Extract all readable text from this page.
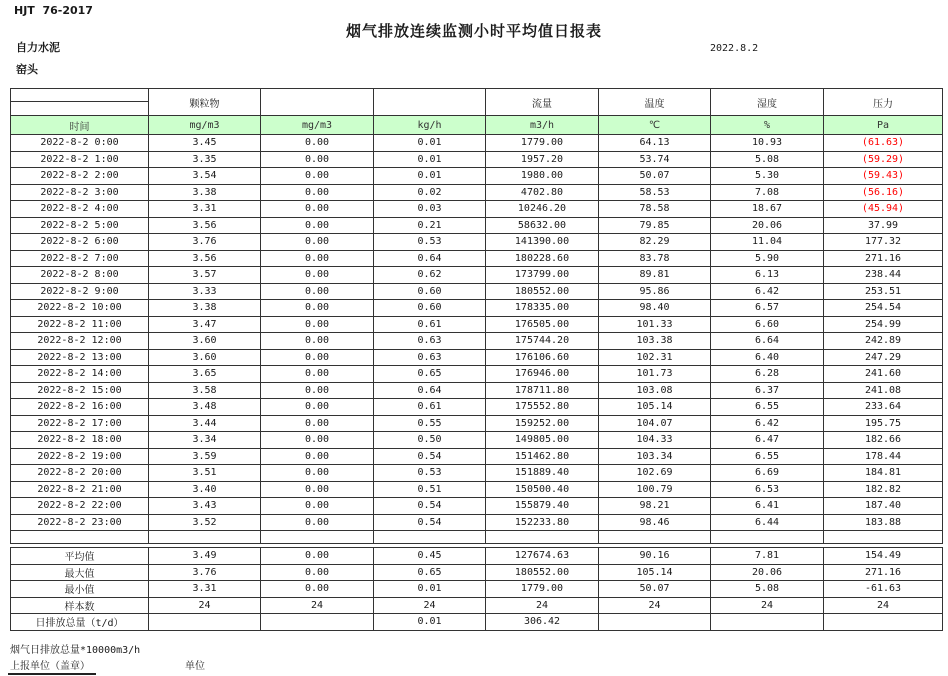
HJT  76-2017
烟气排放连续监测小时平均值日报表
自力水泥	2022.8.2
窑头
	颗粒物			流量	温度	湿度	压力
时间	mg/m3	mg/m3	kg/h	m3/h	℃	%	Pa
2022-8-2 0:00	3.45	0.00	0.01	1779.00	64.13	10.93	(61.63)
2022-8-2 1:00	3.35	0.00	0.01	1957.20	53.74	5.08	(59.29)
2022-8-2 2:00	3.54	0.00	0.01	1980.00	50.07	5.30	(59.43)
2022-8-2 3:00	3.38	0.00	0.02	4702.80	58.53	7.08	(56.16)
2022-8-2 4:00	3.31	0.00	0.03	10246.20	78.58	18.67	(45.94)
2022-8-2 5:00	3.56	0.00	0.21	58632.00	79.85	20.06	37.99
2022-8-2 6:00	3.76	0.00	0.53	141390.00	82.29	11.04	177.32
2022-8-2 7:00	3.56	0.00	0.64	180228.60	83.78	5.90	271.16
2022-8-2 8:00	3.57	0.00	0.62	173799.00	89.81	6.13	238.44
2022-8-2 9:00	3.33	0.00	0.60	180552.00	95.86	6.42	253.51
2022-8-2 10:00	3.38	0.00	0.60	178335.00	98.40	6.57	254.54
2022-8-2 11:00	3.47	0.00	0.61	176505.00	101.33	6.60	254.99
2022-8-2 12:00	3.60	0.00	0.63	175744.20	103.38	6.64	242.89
2022-8-2 13:00	3.60	0.00	0.63	176106.60	102.31	6.40	247.29
2022-8-2 14:00	3.65	0.00	0.65	176946.00	101.73	6.28	241.60
2022-8-2 15:00	3.58	0.00	0.64	178711.80	103.08	6.37	241.08
2022-8-2 16:00	3.48	0.00	0.61	175552.80	105.14	6.55	233.64
2022-8-2 17:00	3.44	0.00	0.55	159252.00	104.07	6.42	195.75
2022-8-2 18:00	3.34	0.00	0.50	149805.00	104.33	6.47	182.66
2022-8-2 19:00	3.59	0.00	0.54	151462.80	103.34	6.55	178.44
2022-8-2 20:00	3.51	0.00	0.53	151889.40	102.69	6.69	184.81
2022-8-2 21:00	3.40	0.00	0.51	150500.40	100.79	6.53	182.82
2022-8-2 22:00	3.43	0.00	0.54	155879.40	98.21	6.41	187.40
2022-8-2 23:00	3.52	0.00	0.54	152233.80	98.46	6.44	183.88

平均值	3.49	0.00	0.45	127674.63	90.16	7.81	154.49
最大值	3.76	0.00	0.65	180552.00	105.14	20.06	271.16
最小值	3.31	0.00	0.01	1779.00	50.07	5.08	-61.63
样本数	24	24	24	24	24	24	24
日排放总量（t/d）			0.01	306.42			
烟气日排放总量*10000m3/h
上报单位（盖章）	单位
